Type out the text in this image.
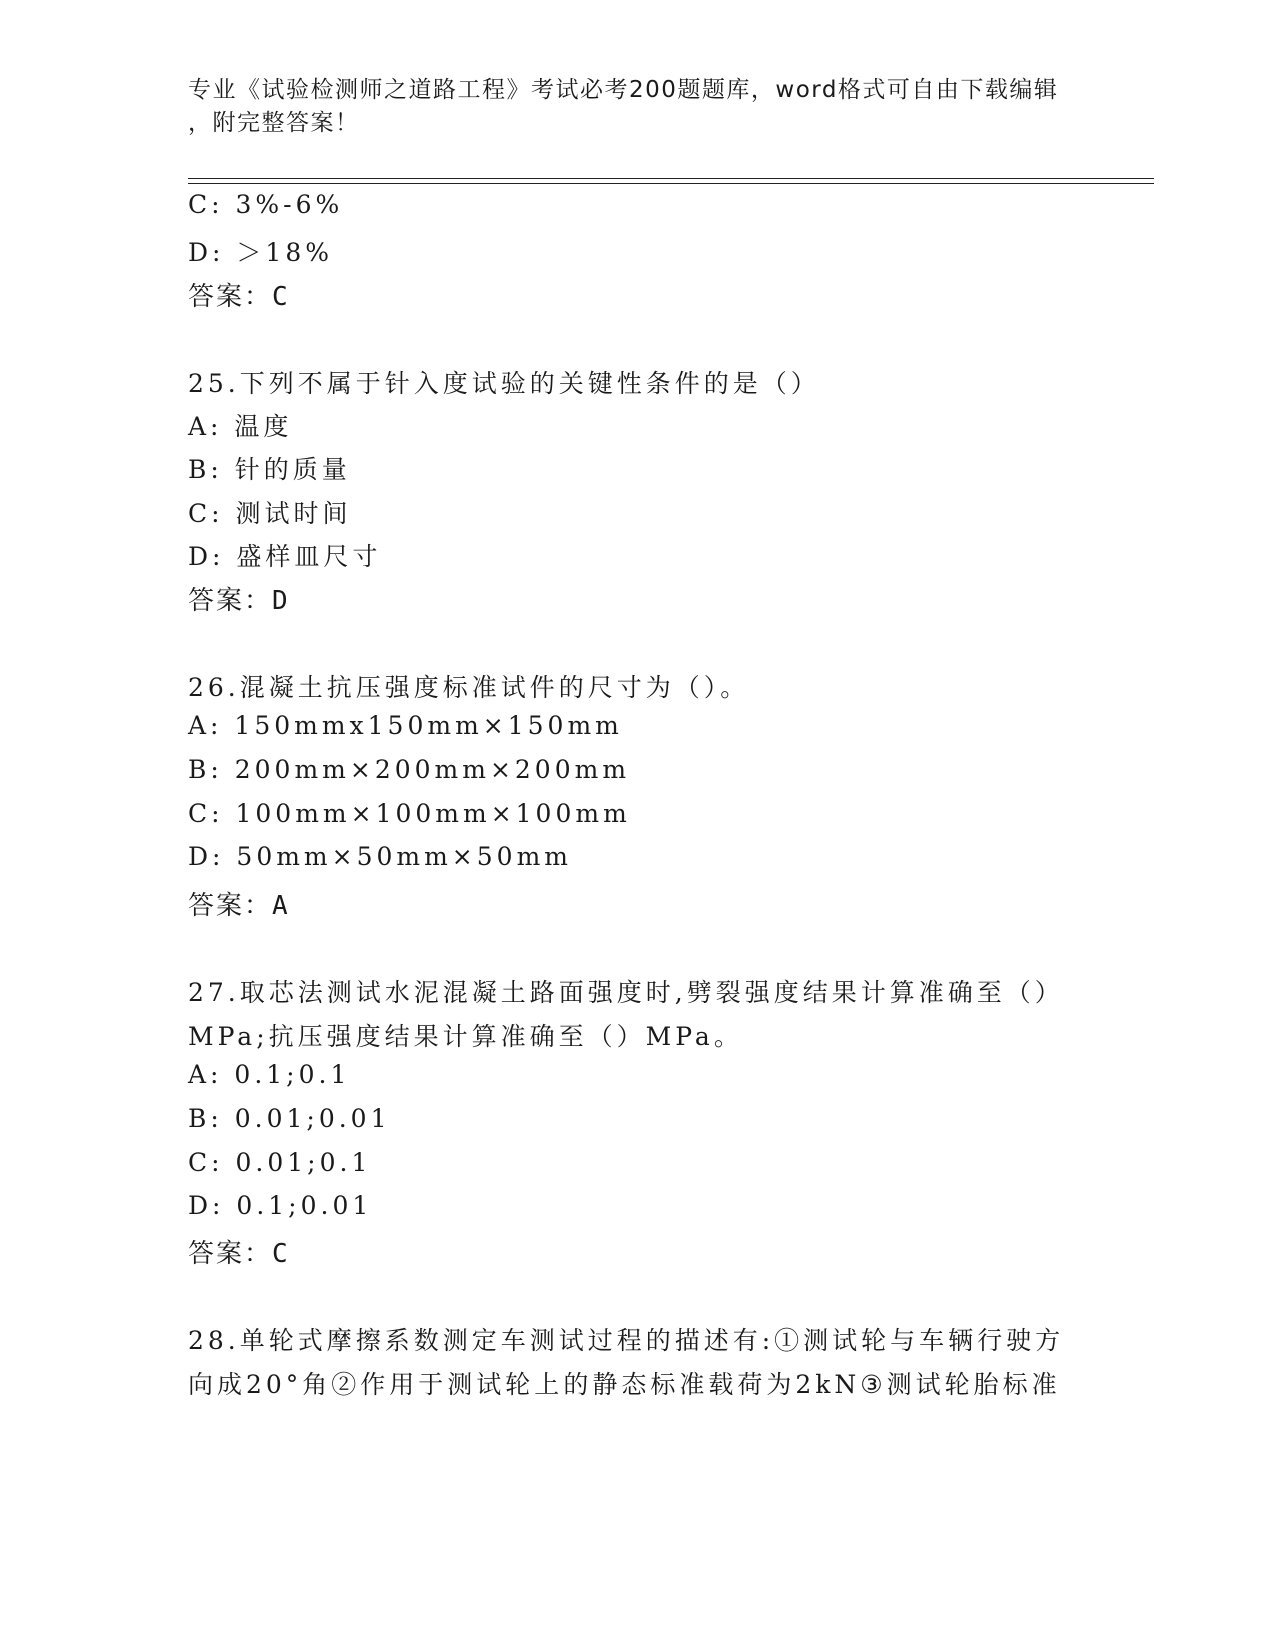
专业《试验检测师之道路工程》考试必考200题题库，word格式可自由下载编辑
，附完整答案！
C: 3%-6%
D: ＞18%
答案：C
25.下列不属于针入度试验的关键性条件的是（）
A: 温度
B: 针的质量
C: 测试时间
D: 盛样皿尺寸
答案：D
26.混凝土抗压强度标准试件的尺寸为（）。
A: 150mmx150mm×150mm
B: 200mm×200mm×200mm
C: 100mm×100mm×100mm
D: 50mm×50mm×50mm
答案：A
27.取芯法测试水泥混凝土路面强度时,劈裂强度结果计算准确至（）
MPa;抗压强度结果计算准确至（）MPa。
A: 0.1;0.1
B: 0.01;0.01
C: 0.01;0.1
D: 0.1;0.01
答案：C
28.单轮式摩擦系数测定车测试过程的描述有:①测试轮与车辆行驶方
向成20°角②作用于测试轮上的静态标准载荷为2kN③测试轮胎标准
